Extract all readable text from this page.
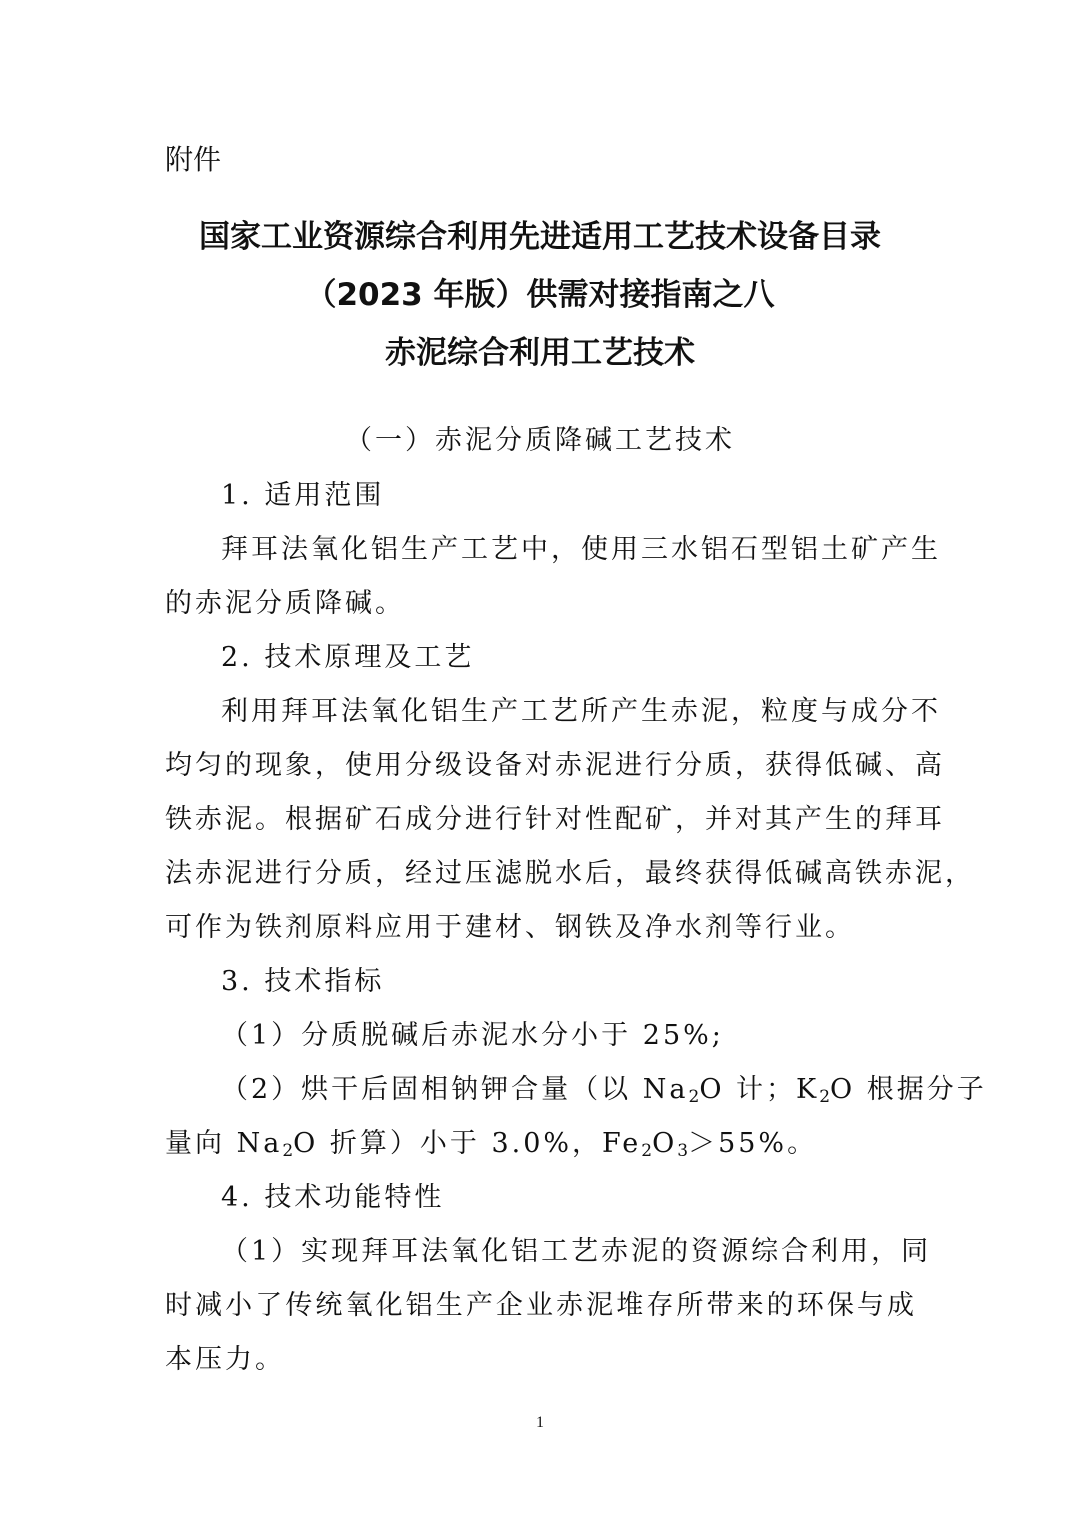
附件
国家工业资源综合利用先进适用工艺技术设备目录
（2023 年版）供需对接指南之八
赤泥综合利用工艺技术
（一）赤泥分质降碱工艺技术
1. 适用范围
拜耳法氧化铝生产工艺中，使用三水铝石型铝土矿产生
的赤泥分质降碱。
2. 技术原理及工艺
利用拜耳法氧化铝生产工艺所产生赤泥，粒度与成分不
均匀的现象，使用分级设备对赤泥进行分质，获得低碱、高
铁赤泥。根据矿石成分进行针对性配矿，并对其产生的拜耳
法赤泥进行分质，经过压滤脱水后，最终获得低碱高铁赤泥，
可作为铁剂原料应用于建材、钢铁及净水剂等行业。
3. 技术指标
（1）分质脱碱后赤泥水分小于 25%;
（2）烘干后固相钠钾合量（以 $Na_2O$ 计；$K_2O$ 根据分子
量向 $Na_2O$ 折算）小于 3.0%，$Fe_2O_3>55\%$。
4. 技术功能特性
（1）实现拜耳法氧化铝工艺赤泥的资源综合利用，同
时减小了传统氧化铝生产企业赤泥堆存所带来的环保与成
本压力。
1
